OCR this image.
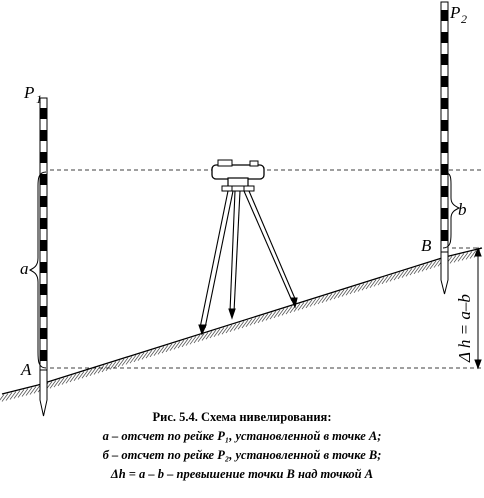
P 1
P 2
a
b
A
B
Δ h = a–b
Рис. 5.4. Схема нивелирования:
а – отсчет по рейке Р₁, установленной в точке А;
б – отсчет по рейке Р₂, установленной в точке В;
Δh = a – b – превышение точки В над точкой А
